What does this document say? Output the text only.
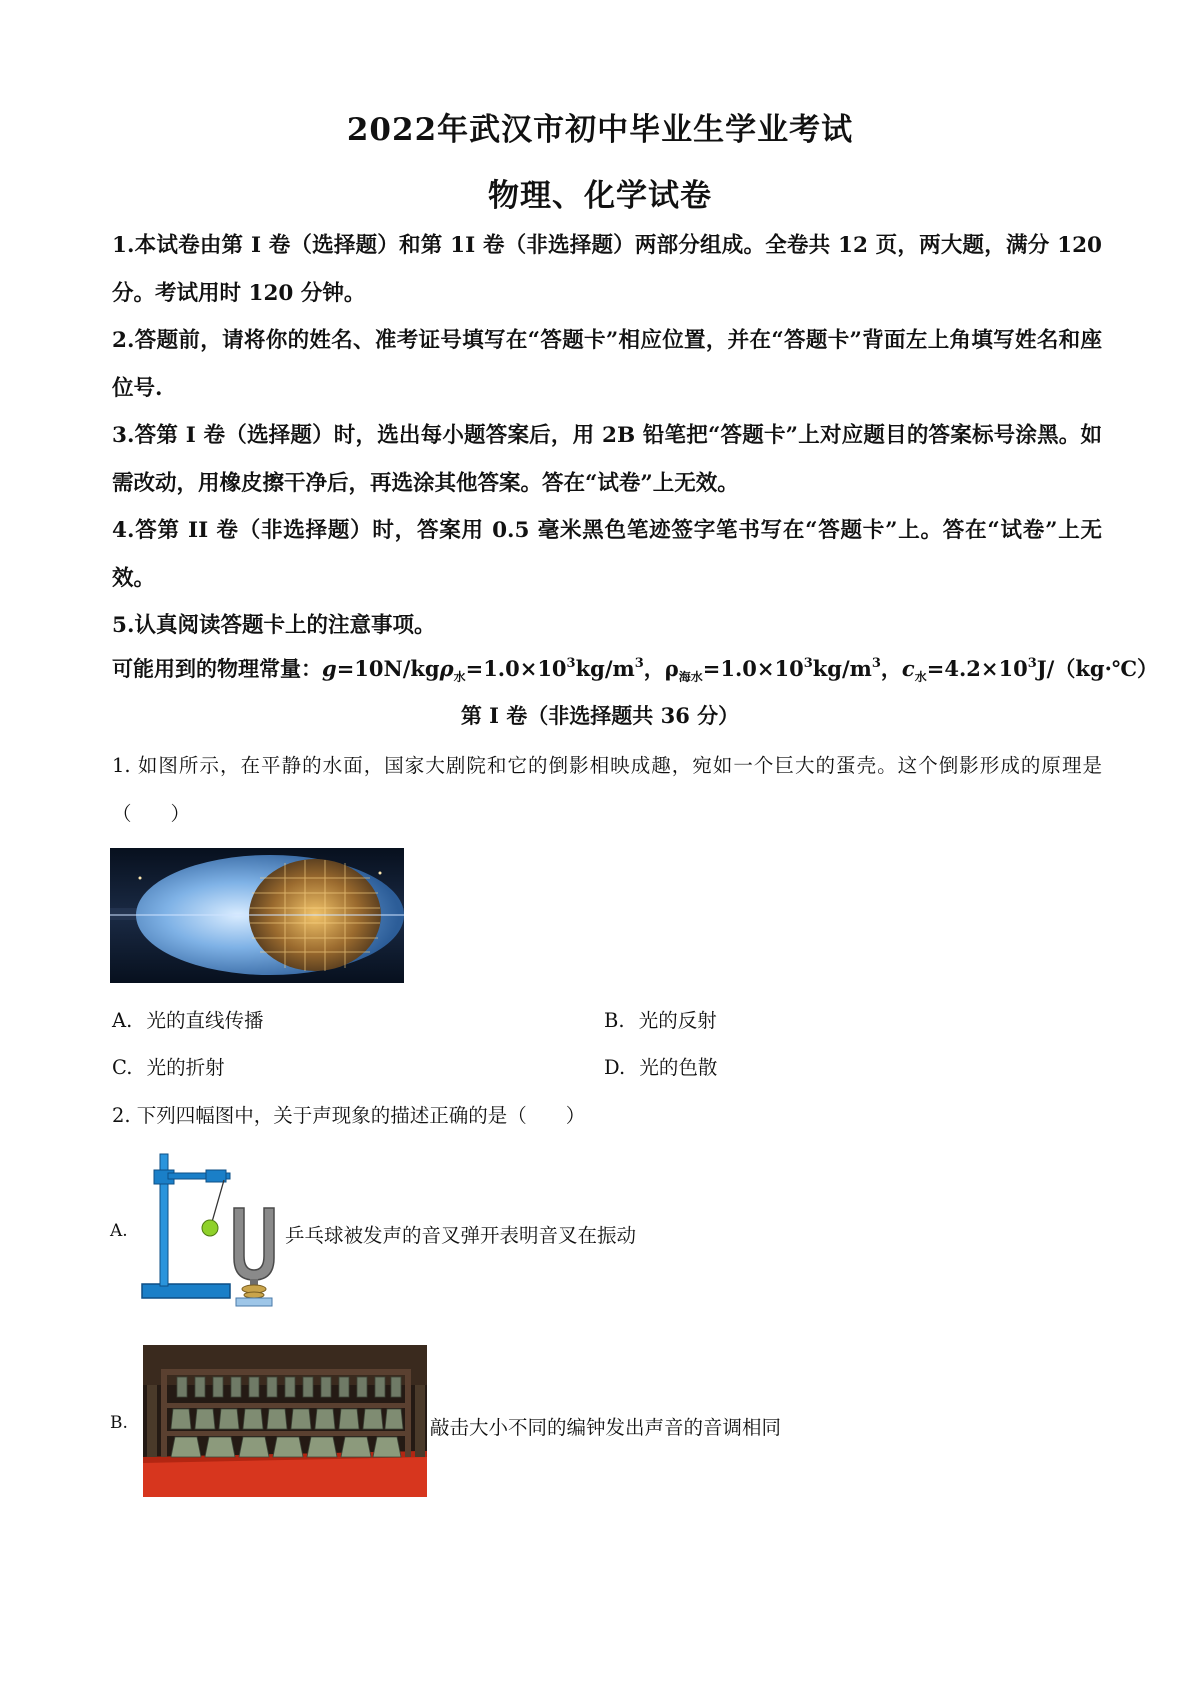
2022年武汉市初中毕业生学业考试
物理、化学试卷

1.本试卷由第 I 卷（选择题）和第 1I 卷（非选择题）两部分组成。全卷共 12 页，两大题，满分 120 分。考试用时 120 分钟。

2.答题前，请将你的姓名、准考证号填写在“答题卡”相应位置，并在“答题卡”背面左上角填写姓名和座位号.

3.答第 I 卷（选择题）时，选出每小题答案后，用 2B 铅笔把“答题卡”上对应题目的答案标号涂黑。如需改动，用橡皮擦干净后，再选涂其他答案。答在“试卷”上无效。

4.答第 II 卷（非选择题）时，答案用 0.5 毫米黑色笔迹签字笔书写在“答题卡”上。答在“试卷”上无效。

5.认真阅读答题卡上的注意事项。

可能用到的物理常量：$g=10N/kg\rho_水=1.0\times 10^3kg/m^3$，$\rho_{海水}=1.0\times 10^3kg/m^3$，$c_水=4.2\times 10^3J/(kg\cdot℃)$
第 I 卷（非选择题共 36 分）
1. 如图所示，在平静的水面，国家大剧院和它的倒影相映成趣，宛如一个巨大的蛋壳。这个倒影形成的原理是（　　）
A. 光的直线传播	B. 光的反射
C. 光的折射	D. 光的色散
2. 下列四幅图中，关于声现象的描述正确的是（　　）
A.	乒乓球被发声的音叉弹开表明音叉在振动
B.	敲击大小不同的编钟发出声音的音调相同
